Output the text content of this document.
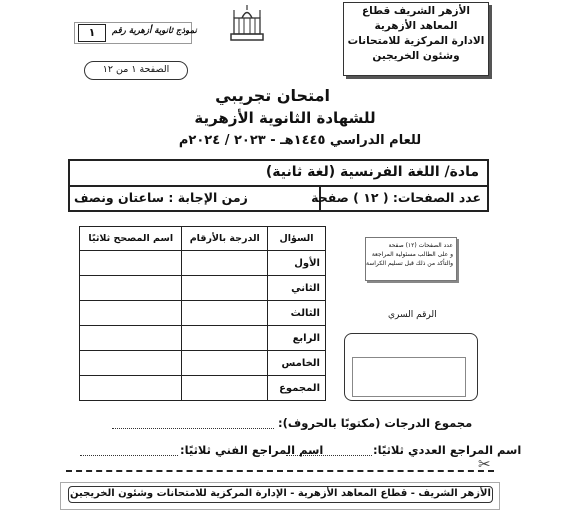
الأزهر الشريف قطاع
المعاهد الأزهرية
الادارة المركزية للامتحانات
وشئون الخريجين
نموذج ثانوية أزهرية رقم
١
الصفحة ١ من ١٢
امتحان تجريبي
للشهادة الثانوية الأزهرية
للعام الدراسي ١٤٤٥هـ - ٢٠٢٣ / ٢٠٢٤م
مادة/ اللغة الفرنسية (لغة ثانية)
عدد الصفحات: ( ١٢ ) صفحة
زمن الإجابة : ساعتان ونصف
السؤال	الدرجة بالأرقام	اسم المصحح ثلاثيًا
الأول		
الثاني		
الثالث		
الرابع		
الخامس		
المجموع		
عدد الصفحات (١٢) صفحة
و على الطالب مسئولية المراجعة
والتأكد من ذلك قبل تسليم الكراسة
الرقم السري
مجموع الدرجات (مكتوبًا بالحروف):
اسم المراجع العددي ثلاثيًا:
اسم المراجع الفني ثلاثيًا:
✂
الأزهر الشريف - قطاع المعاهد الأزهرية - الإدارة المركزية للامتحانات وشئون الخريجين
